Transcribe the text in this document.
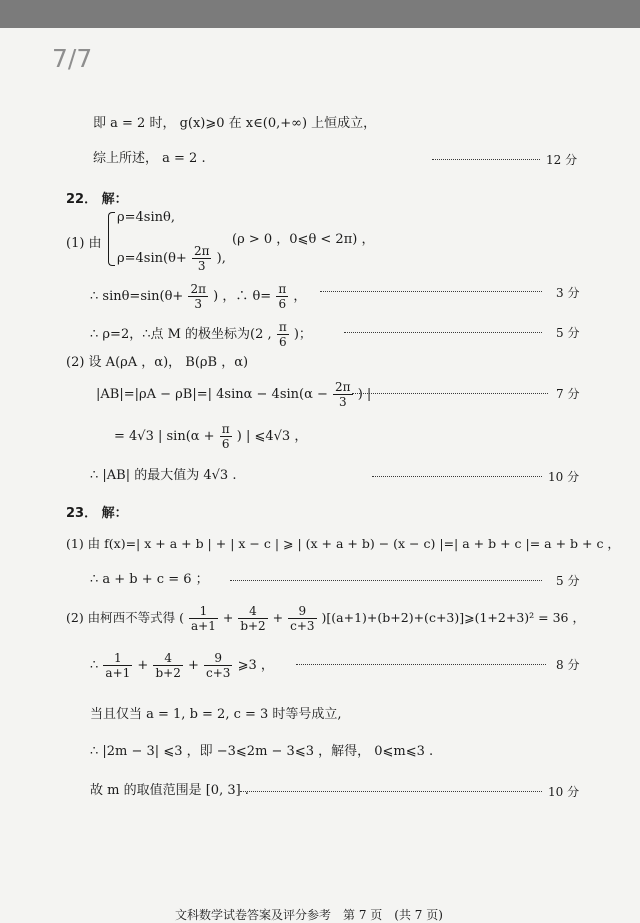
7/7
即 a = 2 时， g(x)⩾0 在 x∈(0,+∞) 上恒成立，
综上所述， a = 2 .	12 分
22． 解：
(1) 由
ρ=4sinθ,
$\rho=4\sin(\theta+ \frac{2\pi}{3}$ ),
(ρ > 0 ，0⩽θ < 2π) ，
∴ $\sin\theta=\sin(\theta+ \frac{2\pi}{3}$ ) ，∴ $\theta= \frac{\pi}{6}$ ，	3 分
∴ ρ=2，∴点 M 的极坐标为(2 , $\frac{\pi}{6}$ )；	5 分
(2) 设 A(ρA ，α)， B(ρB ，α)
|AB|=|ρA − ρB|=| $4\sin\alpha - 4\sin(\alpha - \frac{2\pi}{3}$ ) |	7 分
= 4√3 | $\sin(\alpha + \frac{\pi}{6}$ ) | ⩽4√3 ，
∴ |AB| 的最大值为 4√3 .	10 分
23． 解：
(1) 由 f(x)=| x + a + b | + | x − c | ⩾ | (x + a + b) − (x − c) |=| a + b + c |= a + b + c ，
∴ a + b + c = 6 ；	5 分
(2) 由柯西不等式得 ( $\frac{1}{a+1} + \frac{4}{b+2} + \frac{9}{c+3}$ )[(a+1)+(b+2)+(c+3)]⩾(1+2+3)² = 36 ，
∴ $\frac{1}{a+1} + \frac{4}{b+2} + \frac{9}{c+3}$ ⩾3 ，	8 分
当且仅当 a = 1, b = 2, c = 3 时等号成立,
∴ |2m − 3| ⩽3 ，即 −3⩽2m − 3⩽3 ，解得， 0⩽m⩽3 .
故 m 的取值范围是 [0, 3] .	10 分
文科数学试卷答案及评分参考　第 7 页　(共 7 页)
